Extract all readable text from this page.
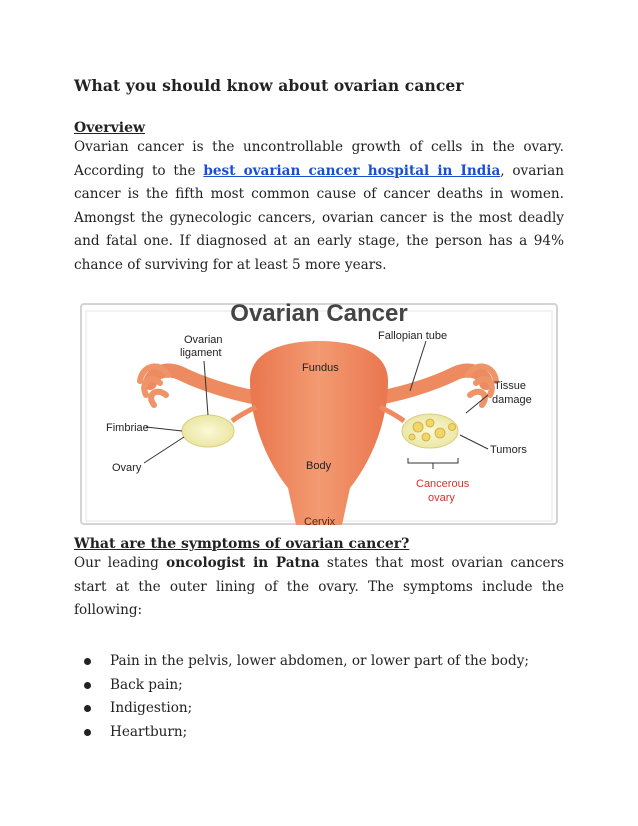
What you should know about ovarian cancer
Overview

Ovarian cancer is the uncontrollable growth of cells in the ovary. According to the best ovarian cancer hospital in India, ovarian cancer is the fifth most common cause of cancer deaths in women. Amongst the gynecologic cancers, ovarian cancer is the most deadly and fatal one. If diagnosed at an early stage, the person has a 94% chance of surviving for at least 5 more years.

Ovarian Cancer
Ovarian
ligament
Fallopian tube
Fundus
Tissue
damage
Fimbriae
Tumors
Ovary	Body
Cancerous
ovary
Cervix
What are the symptoms of ovarian cancer?

Our leading oncologist in Patna states that most ovarian cancers start at the outer lining of the ovary. The symptoms include the following:

Pain in the pelvis, lower abdomen, or lower part of the body;
Back pain;
Indigestion;
Heartburn;
